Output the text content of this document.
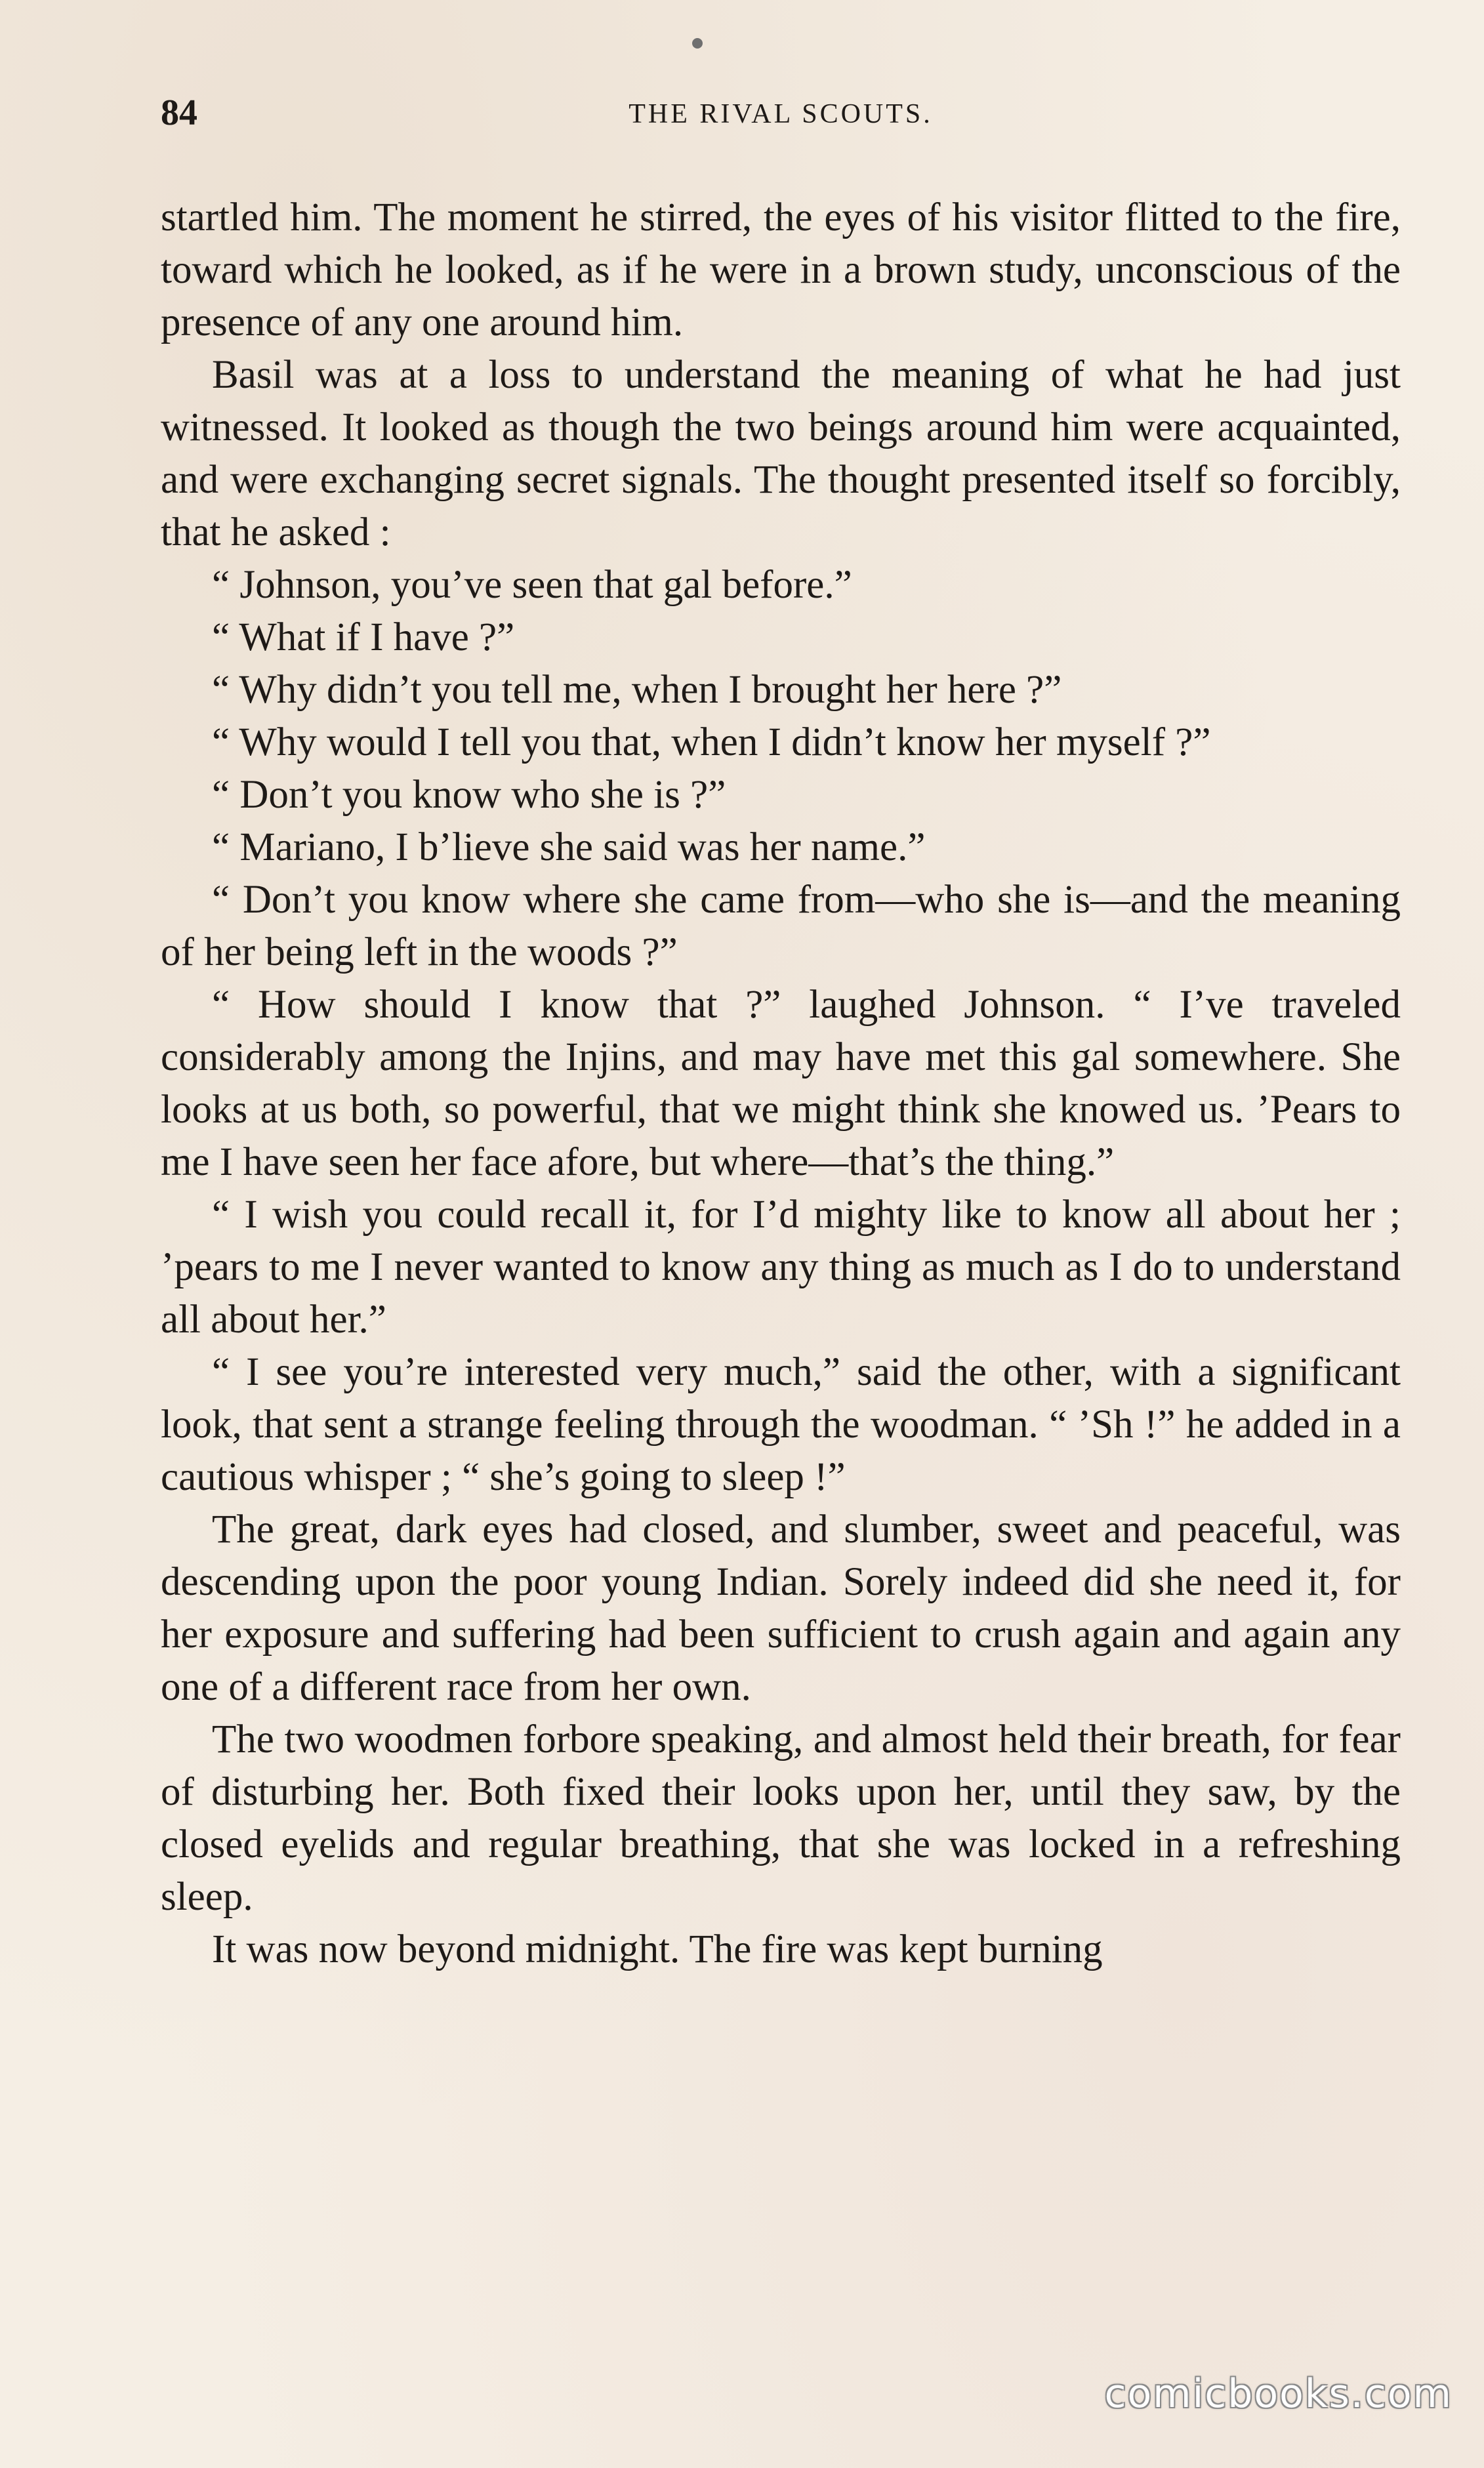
84	THE RIVAL SCOUTS.

startled him. The moment he stirred, the eyes of his visitor flitted to the fire, toward which he looked, as if he were in a brown study, unconscious of the presence of any one around him.

Basil was at a loss to understand the meaning of what he had just witnessed. It looked as though the two beings around him were acquainted, and were exchanging secret signals. The thought presented itself so forcibly, that he asked :

“ Johnson, you’ve seen that gal before.”

“ What if I have ?”

“ Why didn’t you tell me, when I brought her here ?”

“ Why would I tell you that, when I didn’t know her myself ?”

“ Don’t you know who she is ?”

“ Mariano, I b’lieve she said was her name.”

“ Don’t you know where she came from—who she is—and the meaning of her being left in the woods ?”

“ How should I know that ?” laughed Johnson. “ I’ve traveled considerably among the Injins, and may have met this gal somewhere. She looks at us both, so powerful, that we might think she knowed us. ’Pears to me I have seen her face afore, but where—that’s the thing.”

“ I wish you could recall it, for I’d mighty like to know all about her ; ’pears to me I never wanted to know any thing as much as I do to understand all about her.”

“ I see you’re interested very much,” said the other, with a significant look, that sent a strange feeling through the woodman. “ ’Sh !” he added in a cautious whisper ; “ she’s going to sleep !”

The great, dark eyes had closed, and slumber, sweet and peaceful, was descending upon the poor young Indian. Sorely indeed did she need it, for her exposure and suffering had been sufficient to crush again and again any one of a different race from her own.

The two woodmen forbore speaking, and almost held their breath, for fear of disturbing her. Both fixed their looks upon her, until they saw, by the closed eyelids and regular breathing, that she was locked in a refreshing sleep.

It was now beyond midnight. The fire was kept burning

comicbooks.com
